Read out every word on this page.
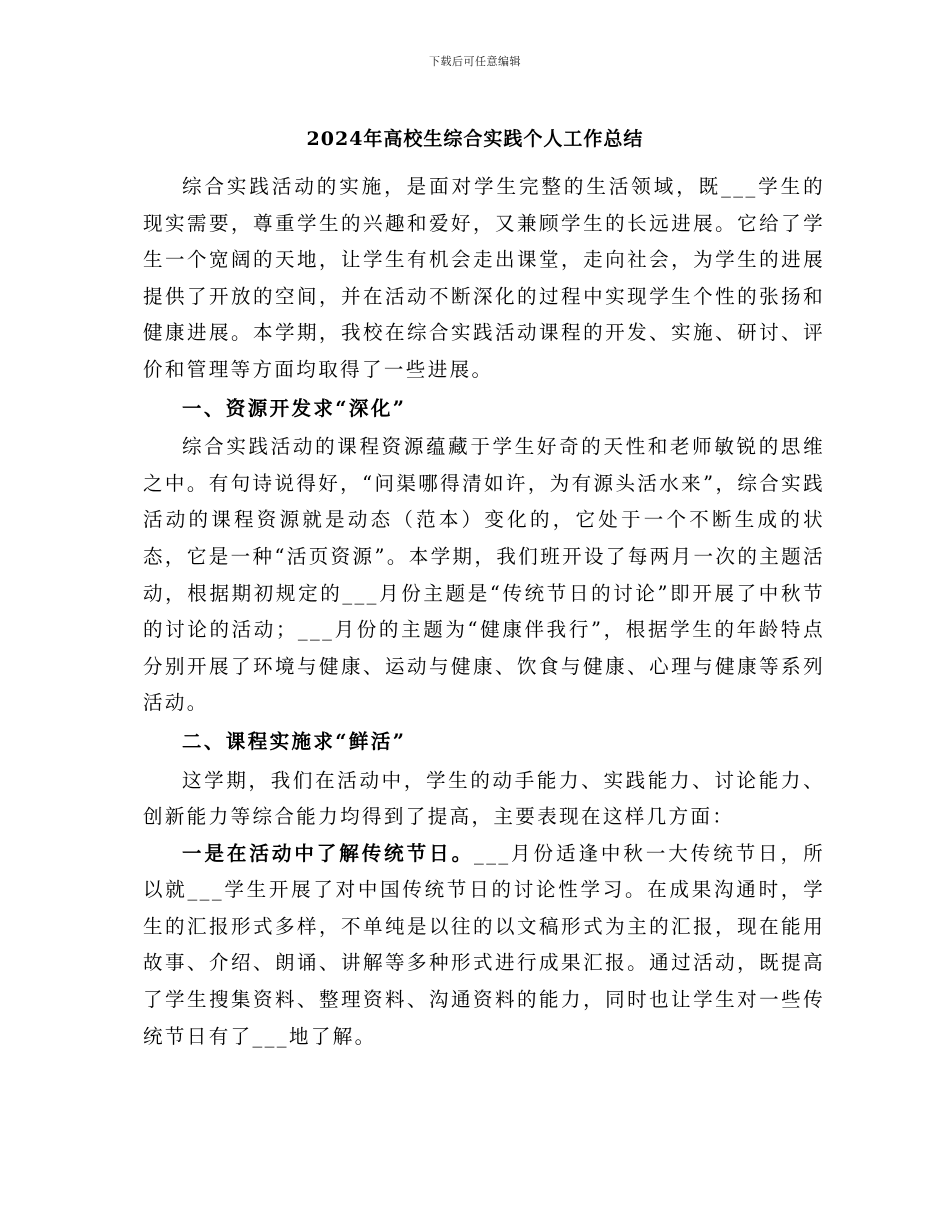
下载后可任意编辑
2024年高校生综合实践个人工作总结

综合实践活动的实施，是面对学生完整的生活领域，既___学生的现实需要，尊重学生的兴趣和爱好，又兼顾学生的长远进展。它给了学生一个宽阔的天地，让学生有机会走出课堂，走向社会，为学生的进展提供了开放的空间，并在活动不断深化的过程中实现学生个性的张扬和健康进展。本学期，我校在综合实践活动课程的开发、实施、研讨、评价和管理等方面均取得了一些进展。

一、资源开发求“深化”

综合实践活动的课程资源蕴藏于学生好奇的天性和老师敏锐的思维之中。有句诗说得好，“问渠哪得清如许，为有源头活水来”，综合实践活动的课程资源就是动态（范本）变化的，它处于一个不断生成的状态，它是一种“活页资源”。本学期，我们班开设了每两月一次的主题活动，根据期初规定的___月份主题是“传统节日的讨论”即开展了中秋节的讨论的活动；___月份的主题为“健康伴我行”，根据学生的年龄特点分别开展了环境与健康、运动与健康、饮食与健康、心理与健康等系列活动。

二、课程实施求“鲜活”

这学期，我们在活动中，学生的动手能力、实践能力、讨论能力、创新能力等综合能力均得到了提高，主要表现在这样几方面：

一是在活动中了解传统节日。___月份适逢中秋一大传统节日，所以就___学生开展了对中国传统节日的讨论性学习。在成果沟通时，学生的汇报形式多样，不单纯是以往的以文稿形式为主的汇报，现在能用故事、介绍、朗诵、讲解等多种形式进行成果汇报。通过活动，既提高了学生搜集资料、整理资料、沟通资料的能力，同时也让学生对一些传统节日有了___地了解。
